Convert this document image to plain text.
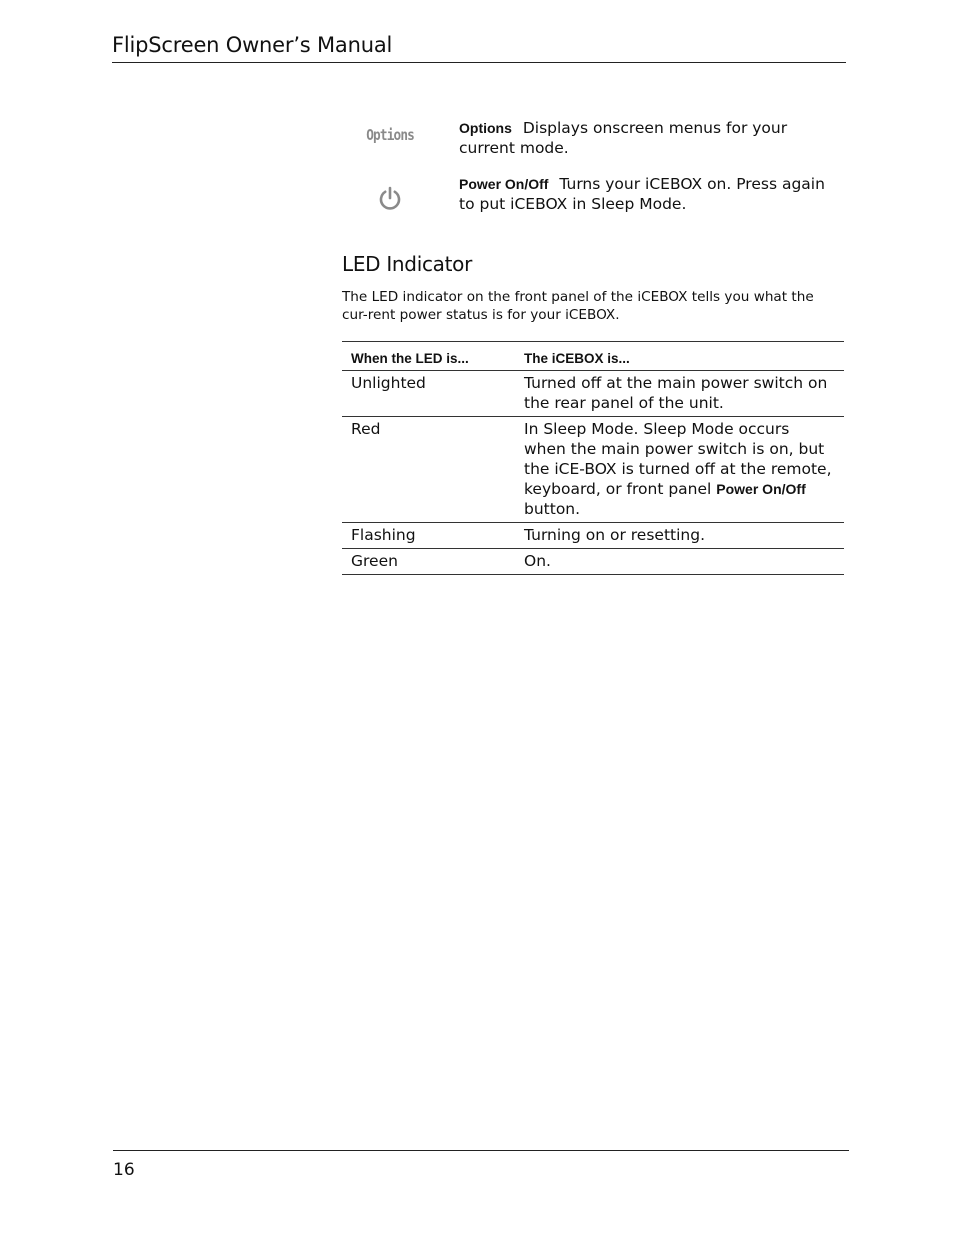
FlipScreen Owner’s Manual
Options	Options Displays onscreen menus for your current mode.
Power On/Off Turns your iCEBOX on. Press again to put iCEBOX in Sleep Mode.
LED Indicator
The LED indicator on the front panel of the iCEBOX tells you what the cur-rent power status is for your iCEBOX.
When the LED is...	The iCEBOX is...
Unlighted	Turned off at the main power switch on the rear panel of the unit.
Red	In Sleep Mode. Sleep Mode occurs when the main power switch is on, but the iCE-BOX is turned off at the remote, keyboard, or front panel Power On/Off button.
Flashing	Turning on or resetting.
Green	On.
16
